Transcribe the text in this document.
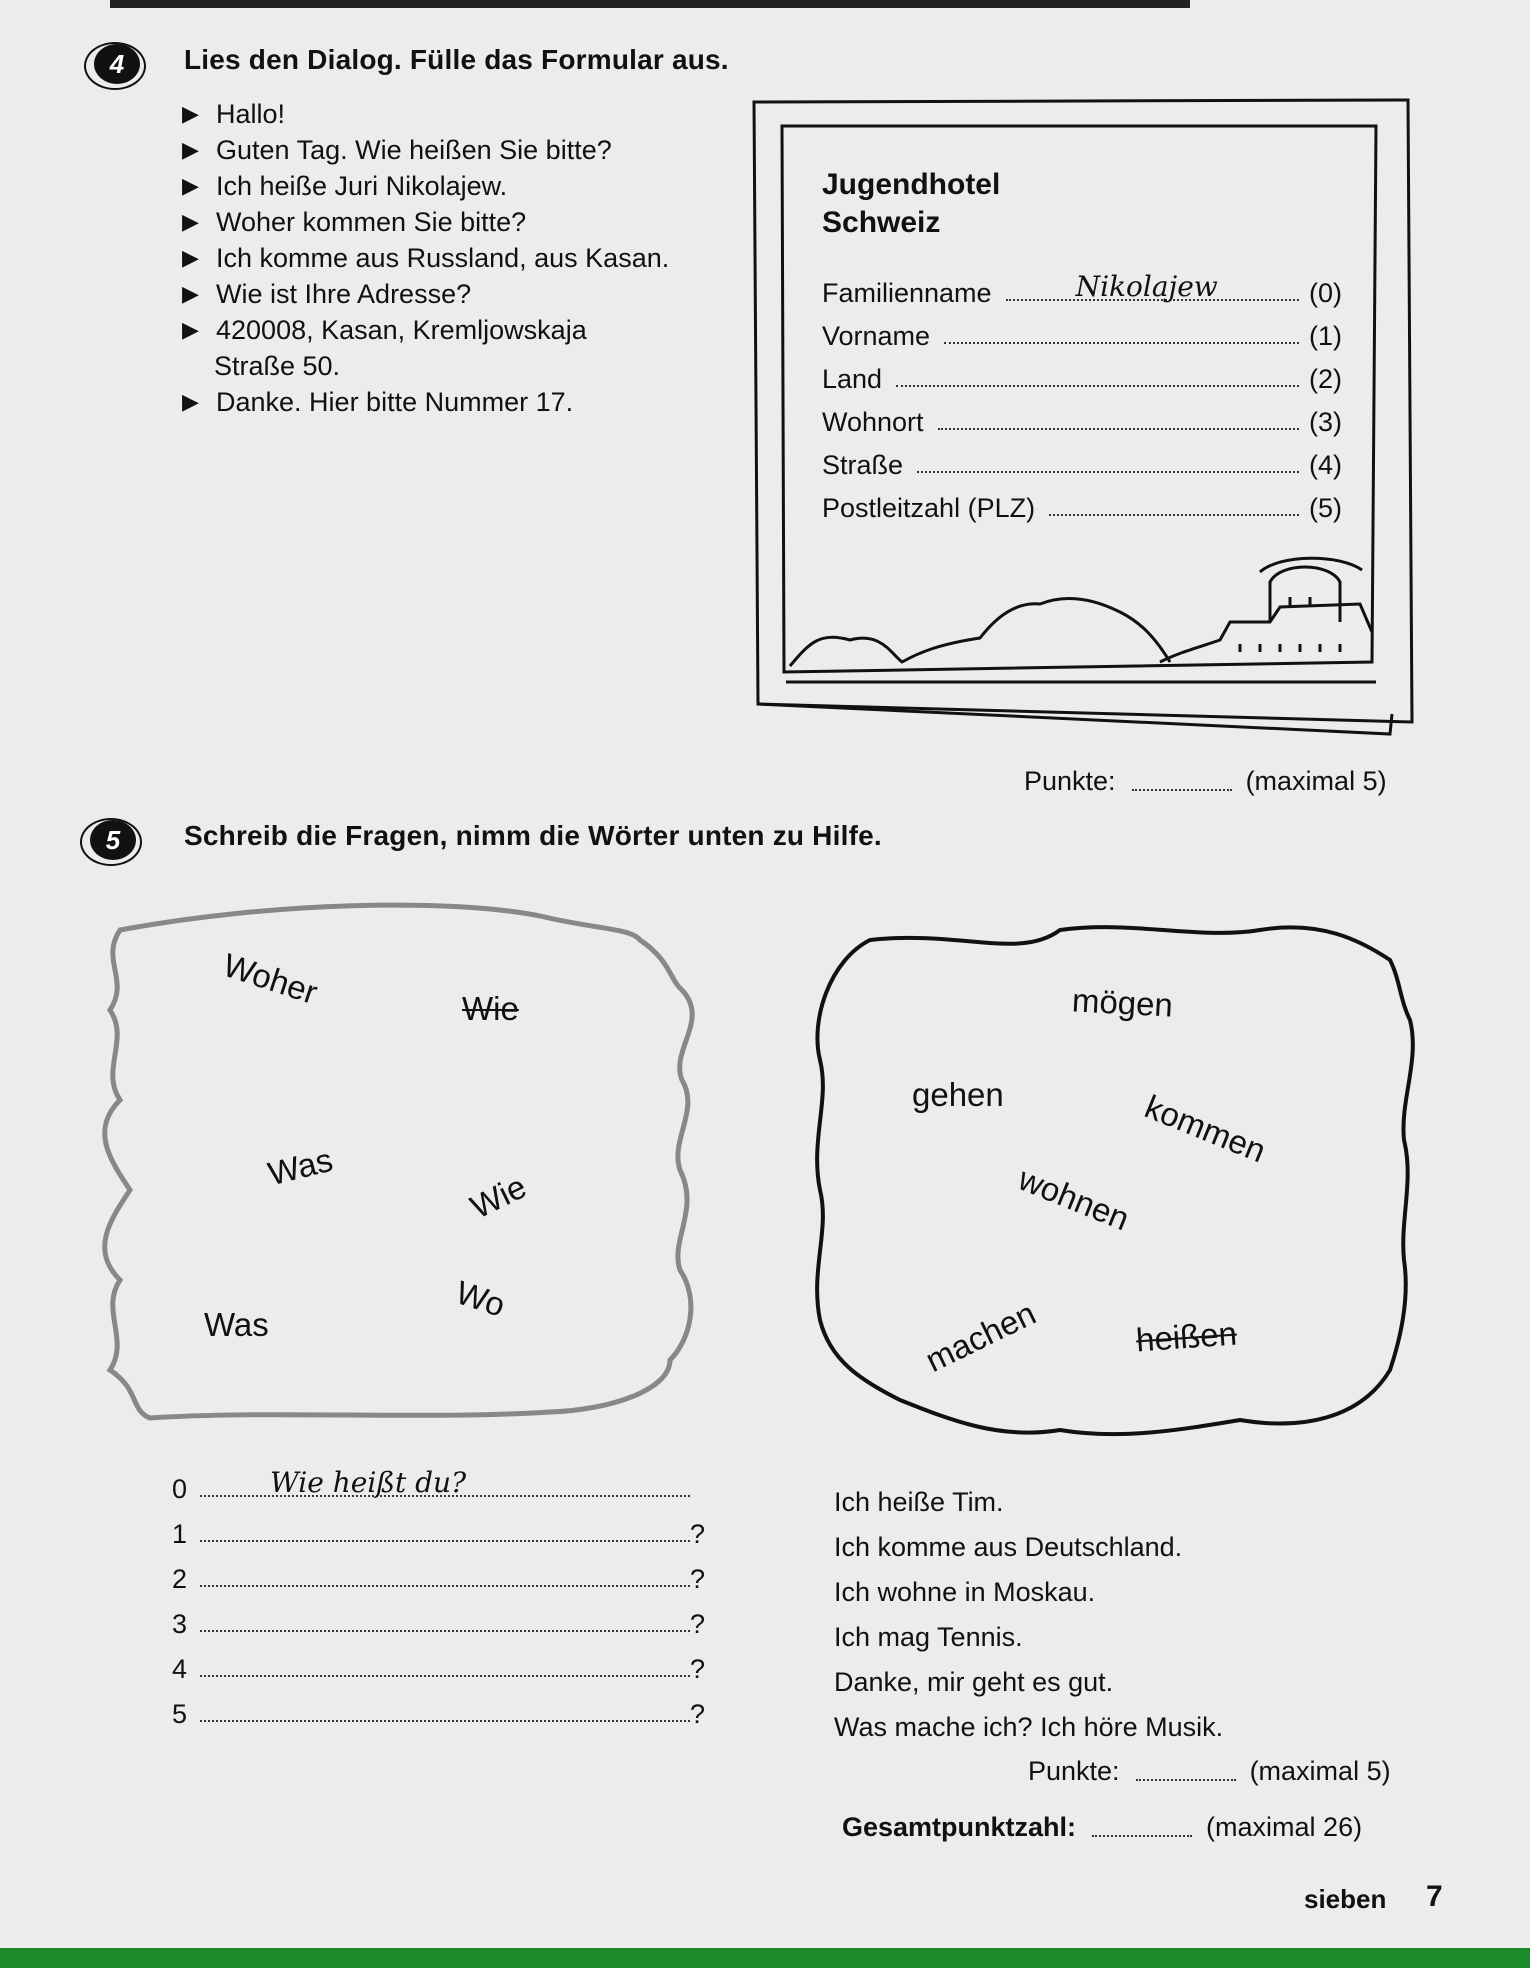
4	Lies den Dialog. Fülle das Formular aus.
▶ Hallo!
▶ Guten Tag. Wie heißen Sie bitte?
▶ Ich heiße Juri Nikolajew.
▶ Woher kommen Sie bitte?
▶ Ich komme aus Russland, aus Kasan.
▶ Wie ist Ihre Adresse?
▶ 420008, Kasan, Kremljowskaja
Straße 50.
▶ Danke. Hier bitte Nummer 17.
Jugendhotel
Schweiz
Familienname	Nikolajew	(0)
Vorname	(1)
Land	(2)
Wohnort	(3)
Straße	(4)
Postleitzahl (PLZ)	(5)
Punkte:	(maximal 5)
5	Schreib die Fragen, nimm die Wörter unten zu Hilfe.
Woher	Wie
Was
Wie
Was
Wo
mögen
gehen	kommen
wohnen
machen	heißen
0	Wie heißt du?
1	?
2	?
3	?
4	?
5	?
Ich heiße Tim.
Ich komme aus Deutschland.
Ich wohne in Moskau.
Ich mag Tennis.
Danke, mir geht es gut.
Was mache ich? Ich höre Musik.
Punkte:	(maximal 5)
Gesamtpunktzahl:	(maximal 26)
sieben 7
